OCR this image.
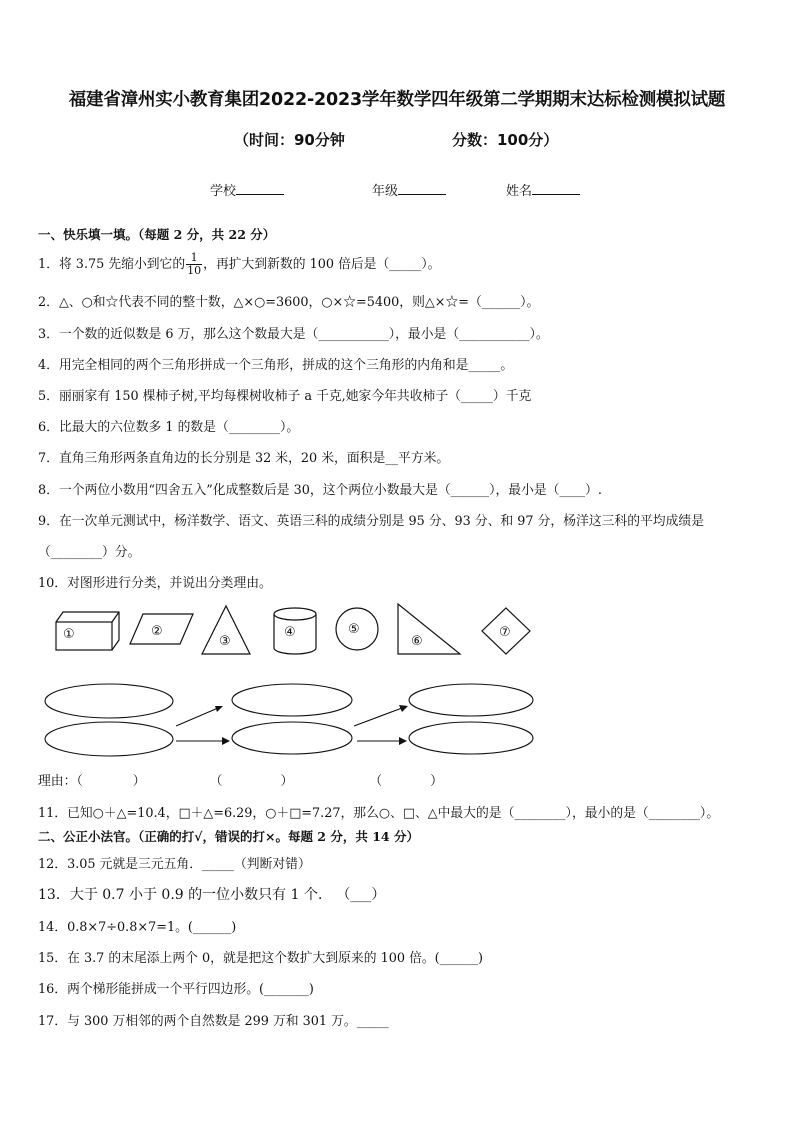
福建省漳州实小教育集团2022-2023学年数学四年级第二学期期末达标检测模拟试题
（时间：90分钟	分数：100分）
学校	年级	姓名
一、快乐填一填。（每题 2 分，共 22 分）
1．将 3.75 先缩小到它的 $\frac{1}{10}$ ，再扩大到新数的 100 倍后是（_____）。
2．△、○和☆代表不同的整十数，△×○=3600，○×☆=5400，则△×☆=（______）。
3．一个数的近似数是 6 万，那么这个数最大是（___________），最小是（___________）。
4．用完全相同的两个三角形拼成一个三角形，拼成的这个三角形的内角和是_____。
5．丽丽家有 150 棵柿子树,平均每棵树收柿子 a 千克,她家今年共收柿子（_____）千克
6．比最大的六位数多 1 的数是（________）。
7．直角三角形两条直角边的长分别是 32 米，20 米，面积是__平方米。
8．一个两位小数用“四舍五入”化成整数后是 30，这个两位小数最大是（______），最小是（____）.
9．在一次单元测试中，杨洋数学、语文、英语三科的成绩分别是 95 分、93 分、和 97 分，杨洋这三科的平均成绩是
（________）分。
10．对图形进行分类，并说出分类理由。
①	②
③
④	⑤
⑥
⑦
理由：（	）	（	）	（	）
11．已知○＋△=10.4，□＋△=6.29，○＋□=7.27，那么○、□、△中最大的是（________），最小的是（________）。
二、公正小法官。（正确的打√，错误的打×。每题 2 分，共 14 分）
12．3.05 元就是三元五角．_____（判断对错）
13．大于 0.7 小于 0.9 的一位小数只有 1 个． （___）
14．0.8×7÷0.8×7=1。(______)
15．在 3.7 的末尾添上两个 0，就是把这个数扩大到原来的 100 倍。(______)
16．两个梯形能拼成一个平行四边形。(_______)
17．与 300 万相邻的两个自然数是 299 万和 301 万。_____
